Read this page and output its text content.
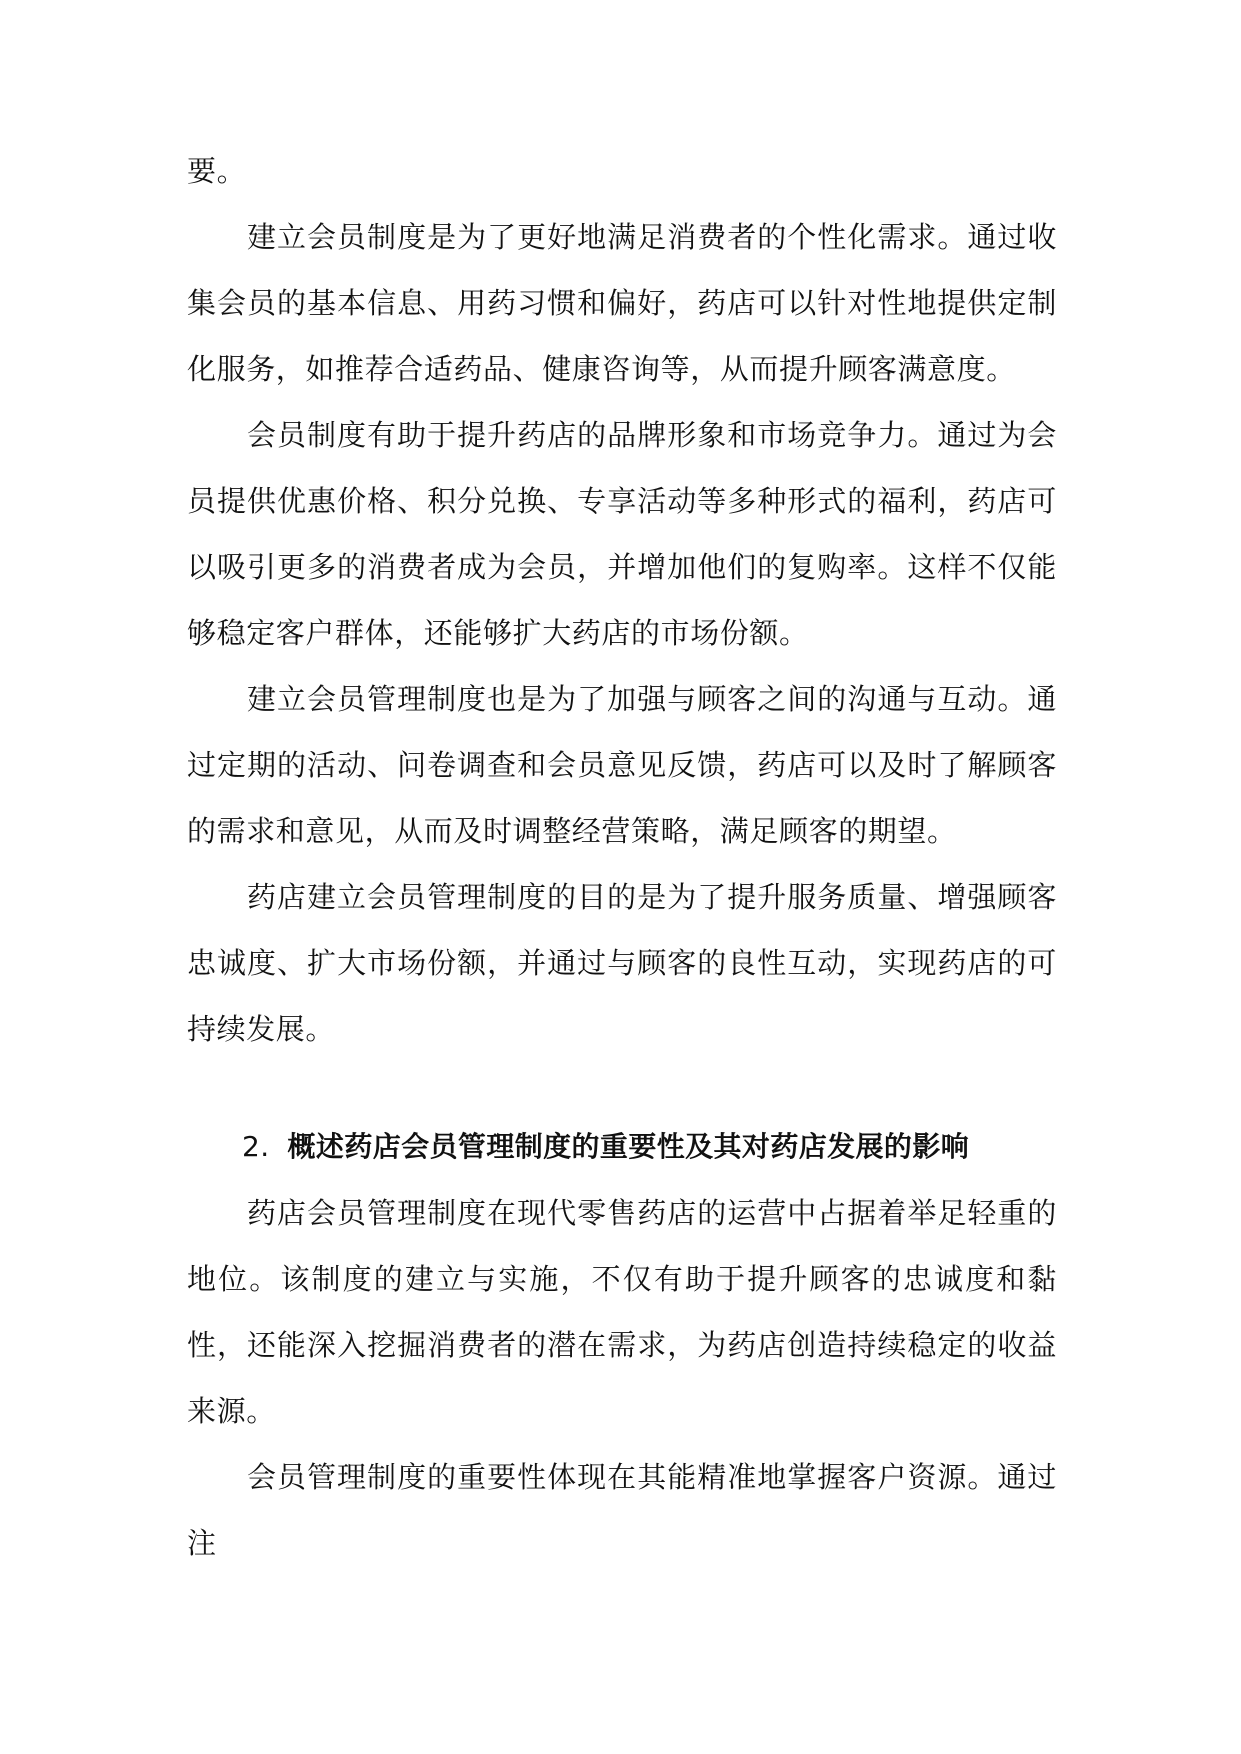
要。

建立会员制度是为了更好地满足消费者的个性化需求。通过收集会员的基本信息、用药习惯和偏好，药店可以针对性地提供定制化服务，如推荐合适药品、健康咨询等，从而提升顾客满意度。

会员制度有助于提升药店的品牌形象和市场竞争力。通过为会员提供优惠价格、积分兑换、专享活动等多种形式的福利，药店可以吸引更多的消费者成为会员，并增加他们的复购率。这样不仅能够稳定客户群体，还能够扩大药店的市场份额。

建立会员管理制度也是为了加强与顾客之间的沟通与互动。通过定期的活动、问卷调查和会员意见反馈，药店可以及时了解顾客的需求和意见，从而及时调整经营策略，满足顾客的期望。

药店建立会员管理制度的目的是为了提升服务质量、增强顾客忠诚度、扩大市场份额，并通过与顾客的良性互动，实现药店的可持续发展。

2. 概述药店会员管理制度的重要性及其对药店发展的影响

药店会员管理制度在现代零售药店的运营中占据着举足轻重的地位。该制度的建立与实施，不仅有助于提升顾客的忠诚度和黏性，还能深入挖掘消费者的潜在需求，为药店创造持续稳定的收益来源。

会员管理制度的重要性体现在其能精准地掌握客户资源。通过注
